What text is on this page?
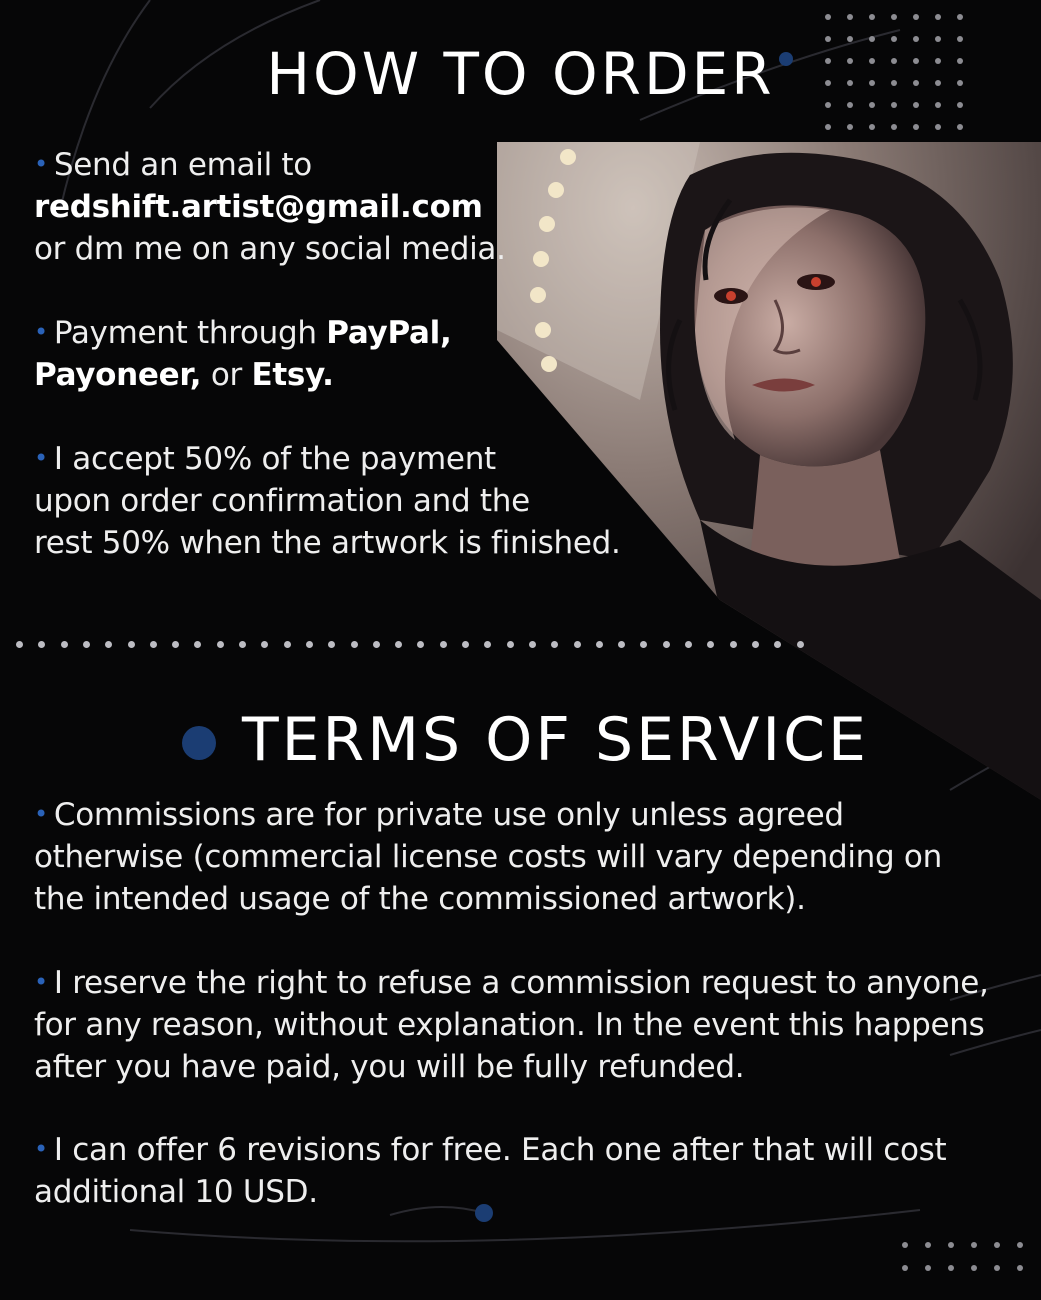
HOW TO ORDER

• Send an email to
redshift.artist@gmail.com
or dm me on any social media.

• Payment through PayPal,
Payoneer, or Etsy.

• I accept 50% of the payment
upon order confirmation and the
rest 50% when the artwork is finished.

TERMS OF SERVICE

• Commissions are for private use only unless agreed
otherwise (commercial license costs will vary depending on
the intended usage of the commissioned artwork).

• I reserve the right to refuse a commission request to anyone,
for any reason, without explanation. In the event this happens
after you have paid, you will be fully refunded.

• I can offer 6 revisions for free. Each one after that will cost
additional 10 USD.
